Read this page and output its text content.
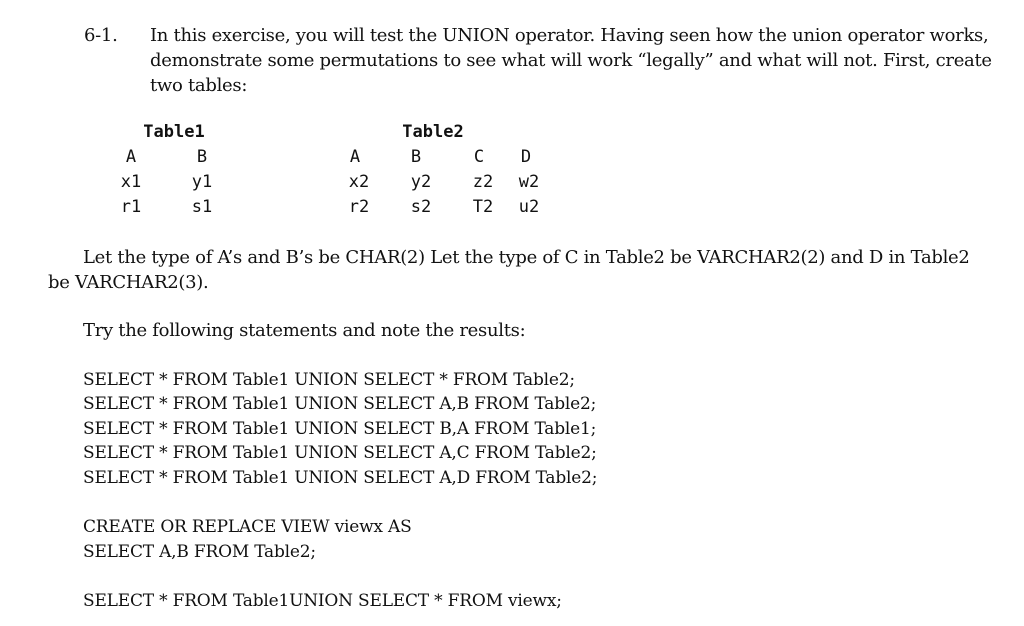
6-1. In this exercise, you will test the UNION operator. Having seen how the union operator works,
demonstrate some permutations to see what will work “legally” and what will not. First, create
two tables:
Table1
A	B
x1	y1
r1	s1
Table2
A	B	C D
x2 y2 z2 w2
r2 s2 T2 u2
Let the type of A’s and B’s be CHAR(2) Let the type of C in Table2 be VARCHAR2(2) and D in Table2
be VARCHAR2(3).
Try the following statements and note the results:
SELECT * FROM Table1 UNION SELECT * FROM Table2;
SELECT * FROM Table1 UNION SELECT A,B FROM Table2;
SELECT * FROM Table1 UNION SELECT B,A FROM Table1;
SELECT * FROM Table1 UNION SELECT A,C FROM Table2;
SELECT * FROM Table1 UNION SELECT A,D FROM Table2;
CREATE OR REPLACE VIEW viewx AS
SELECT A,B FROM Table2;
SELECT * FROM Table1UNION SELECT * FROM viewx;
